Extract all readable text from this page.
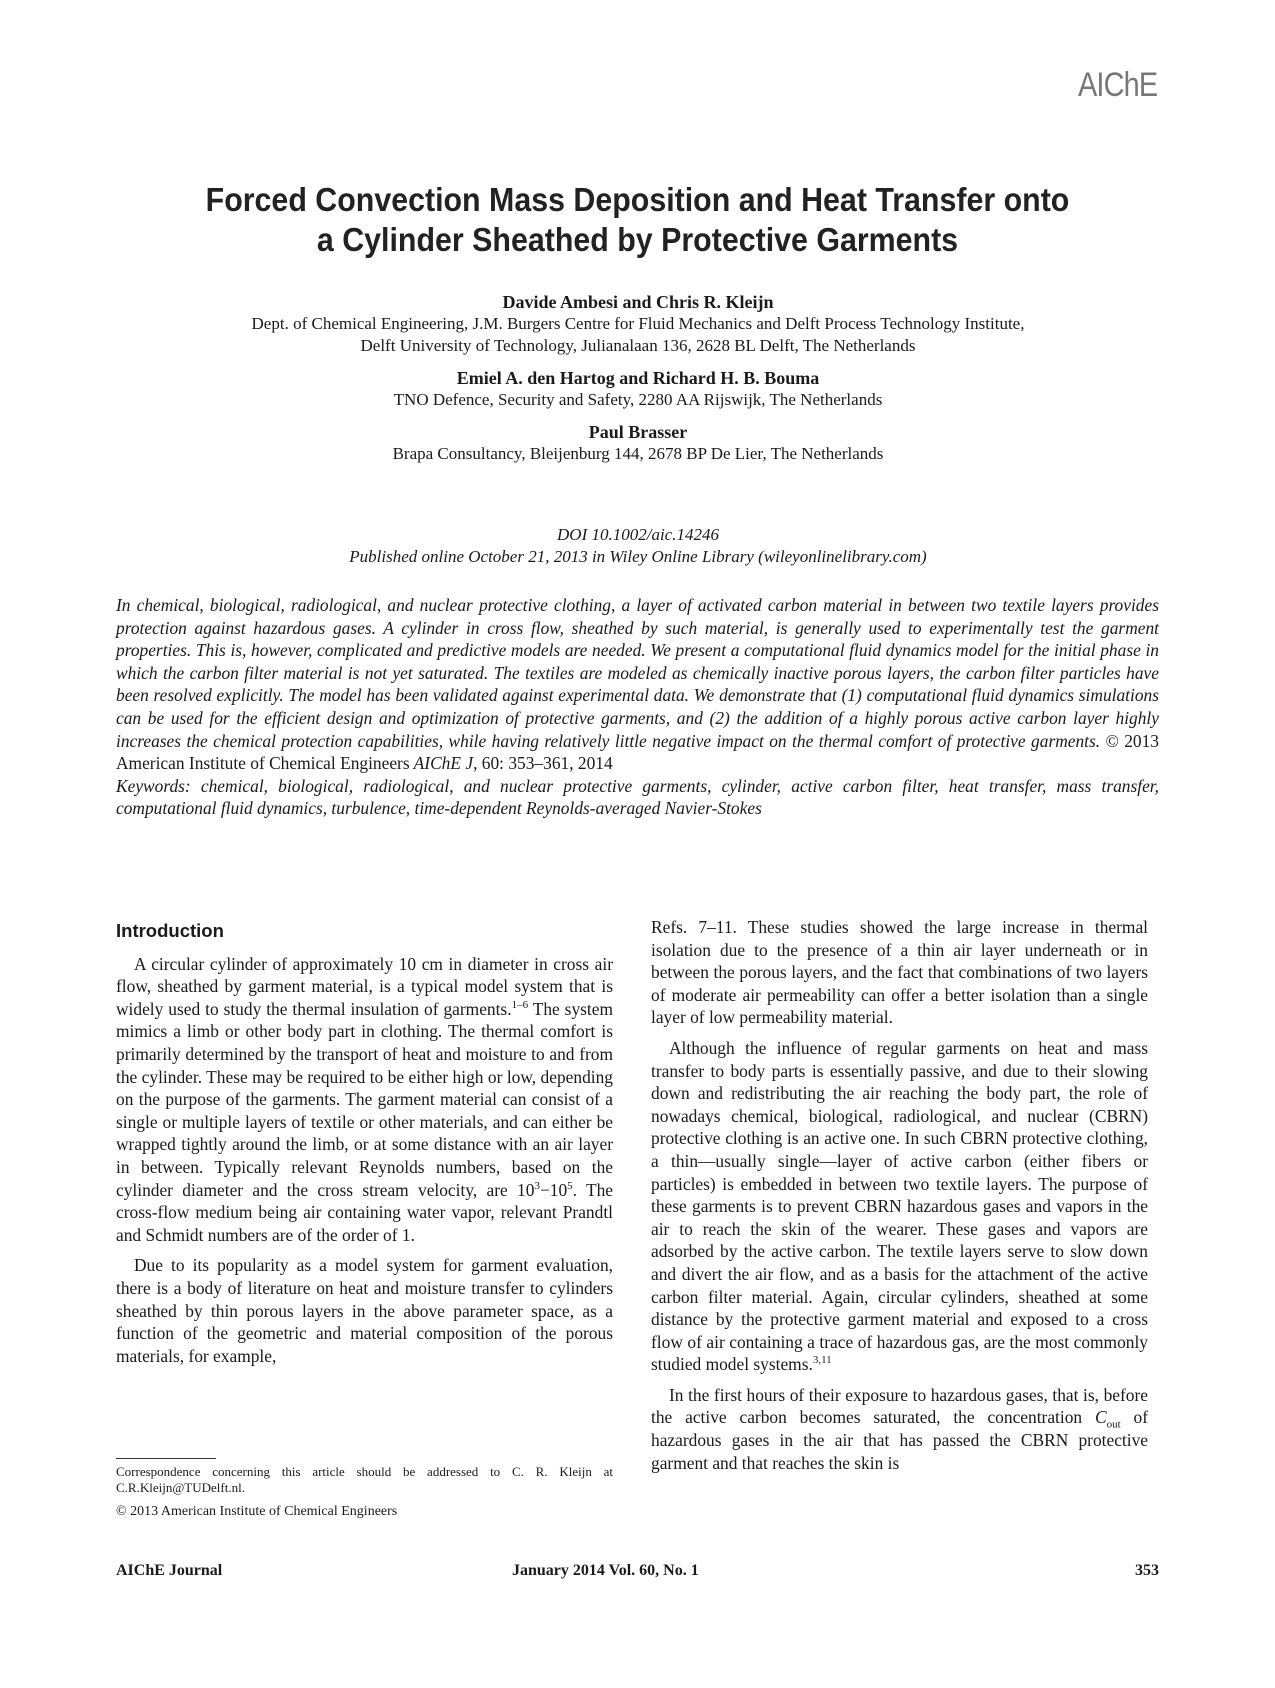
AIChE
Forced Convection Mass Deposition and Heat Transfer onto
a Cylinder Sheathed by Protective Garments
Davide Ambesi and Chris R. Kleijn
Dept. of Chemical Engineering, J.M. Burgers Centre for Fluid Mechanics and Delft Process Technology Institute,
Delft University of Technology, Julianalaan 136, 2628 BL Delft, The Netherlands
Emiel A. den Hartog and Richard H. B. Bouma
TNO Defence, Security and Safety, 2280 AA Rijswijk, The Netherlands
Paul Brasser
Brapa Consultancy, Bleijenburg 144, 2678 BP De Lier, The Netherlands
DOI 10.1002/aic.14246
Published online October 21, 2013 in Wiley Online Library (wileyonlinelibrary.com)
In chemical, biological, radiological, and nuclear protective clothing, a layer of activated carbon material in between two textile layers provides protection against hazardous gases. A cylinder in cross flow, sheathed by such material, is generally used to experimentally test the garment properties. This is, however, complicated and predictive models are needed. We present a computational fluid dynamics model for the initial phase in which the carbon filter material is not yet saturated. The textiles are modeled as chemically inactive porous layers, the carbon filter particles have been resolved explicitly. The model has been validated against experimental data. We demonstrate that (1) computational fluid dynamics simulations can be used for the efficient design and optimization of protective garments, and (2) the addition of a highly porous active carbon layer highly increases the chemical protection capabilities, while having relatively little negative impact on the thermal comfort of protective garments. © 2013 American Institute of Chemical Engineers AIChE J, 60: 353–361, 2014
Keywords: chemical, biological, radiological, and nuclear protective garments, cylinder, active carbon filter, heat transfer, mass transfer, computational fluid dynamics, turbulence, time-dependent Reynolds-averaged Navier-Stokes
Introduction

A circular cylinder of approximately 10 cm in diameter in cross air flow, sheathed by garment material, is a typical model system that is widely used to study the thermal insulation of garments.$^{1-6}$ The system mimics a limb or other body part in clothing. The thermal comfort is primarily determined by the transport of heat and moisture to and from the cylinder. These may be required to be either high or low, depending on the purpose of the garments. The garment material can consist of a single or multiple layers of textile or other materials, and can either be wrapped tightly around the limb, or at some distance with an air layer in between. Typically relevant Reynolds numbers, based on the cylinder diameter and the cross stream velocity, are $10^3-10^5$. The cross-flow medium being air containing water vapor, relevant Prandtl and Schmidt numbers are of the order of 1.

Due to its popularity as a model system for garment evaluation, there is a body of literature on heat and moisture transfer to cylinders sheathed by thin porous layers in the above parameter space, as a function of the geometric and material composition of the porous materials, for example,

Refs. 7–11. These studies showed the large increase in thermal isolation due to the presence of a thin air layer underneath or in between the porous layers, and the fact that combinations of two layers of moderate air permeability can offer a better isolation than a single layer of low permeability material.

Although the influence of regular garments on heat and mass transfer to body parts is essentially passive, and due to their slowing down and redistributing the air reaching the body part, the role of nowadays chemical, biological, radiological, and nuclear (CBRN) protective clothing is an active one. In such CBRN protective clothing, a thin—usually single—layer of active carbon (either fibers or particles) is embedded in between two textile layers. The purpose of these garments is to prevent CBRN hazardous gases and vapors in the air to reach the skin of the wearer. These gases and vapors are adsorbed by the active carbon. The textile layers serve to slow down and divert the air flow, and as a basis for the attachment of the active carbon filter material. Again, circular cylinders, sheathed at some distance by the protective garment material and exposed to a cross flow of air containing a trace of hazardous gas, are the most commonly studied model systems.$^{3,11}$

In the first hours of their exposure to hazardous gases, that is, before the active carbon becomes saturated, the concentration $C_{out}$ of hazardous gases in the air that has passed the CBRN protective garment and that reaches the skin is

Correspondence concerning this article should be addressed to C. R. Kleijn at C.R.Kleijn@TUDelft.nl.
© 2013 American Institute of Chemical Engineers
AIChE Journal	January 2014 Vol. 60, No. 1	353
